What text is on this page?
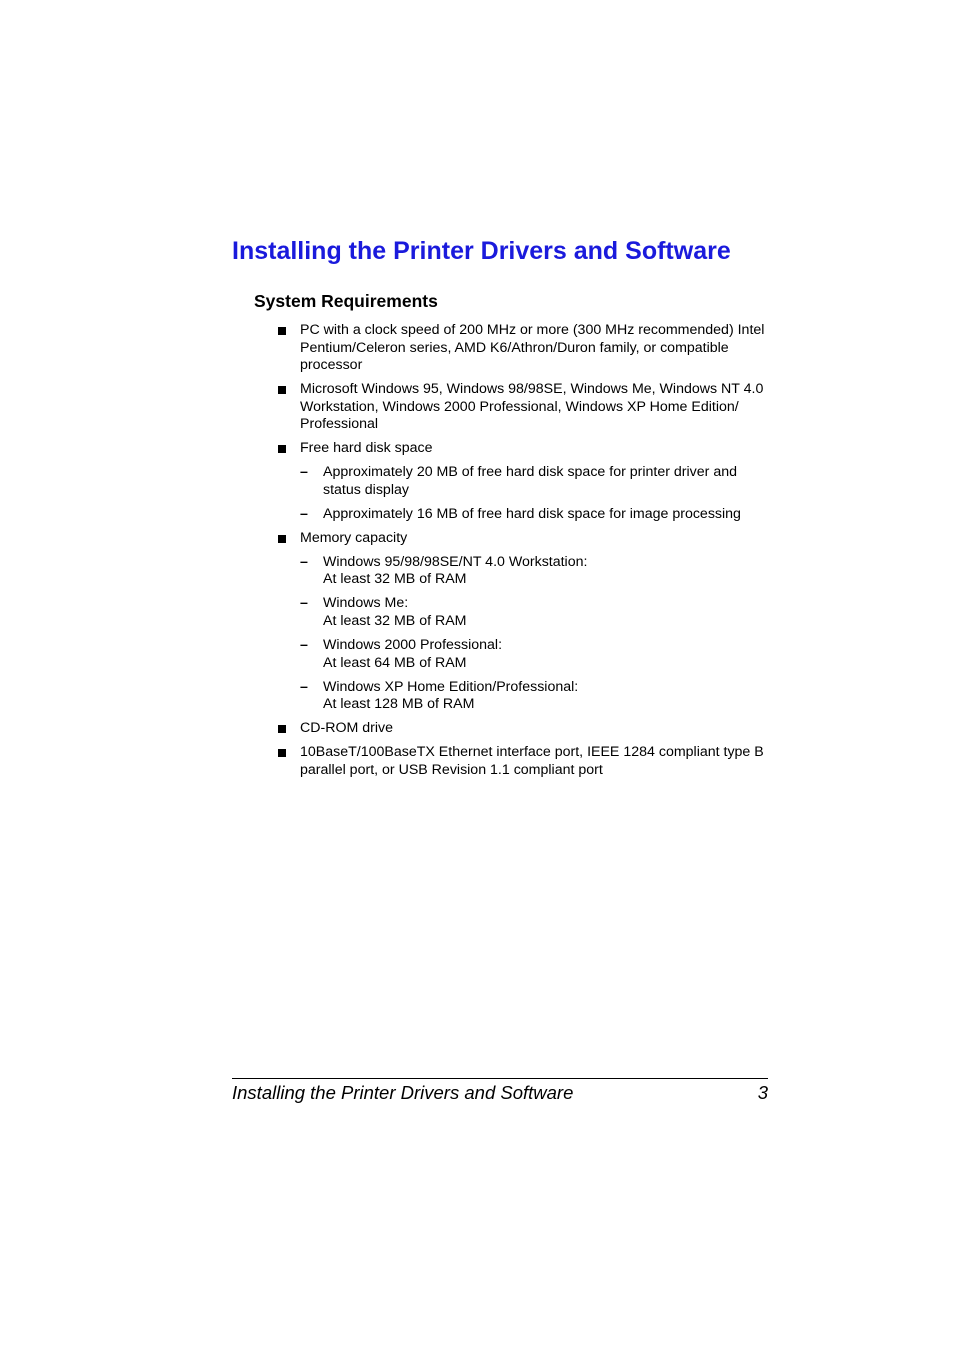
Installing the Printer Drivers and Software
System Requirements
PC with a clock speed of 200 MHz or more (300 MHz recommended) Intel
Pentium/Celeron series, AMD K6/Athron/Duron family, or compatible
processor
Microsoft Windows 95, Windows 98/98SE, Windows Me, Windows NT 4.0
Workstation, Windows 2000 Professional, Windows XP Home Edition/
Professional
Free hard disk space
– Approximately 20 MB of free hard disk space for printer driver and
status display
– Approximately 16 MB of free hard disk space for image processing
Memory capacity
– Windows 95/98/98SE/NT 4.0 Workstation:
At least 32 MB of RAM
– Windows Me:
At least 32 MB of RAM
– Windows 2000 Professional:
At least 64 MB of RAM
– Windows XP Home Edition/Professional:
At least 128 MB of RAM
CD-ROM drive
10BaseT/100BaseTX Ethernet interface port, IEEE 1284 compliant type B
parallel port, or USB Revision 1.1 compliant port
Installing the Printer Drivers and Software	3
